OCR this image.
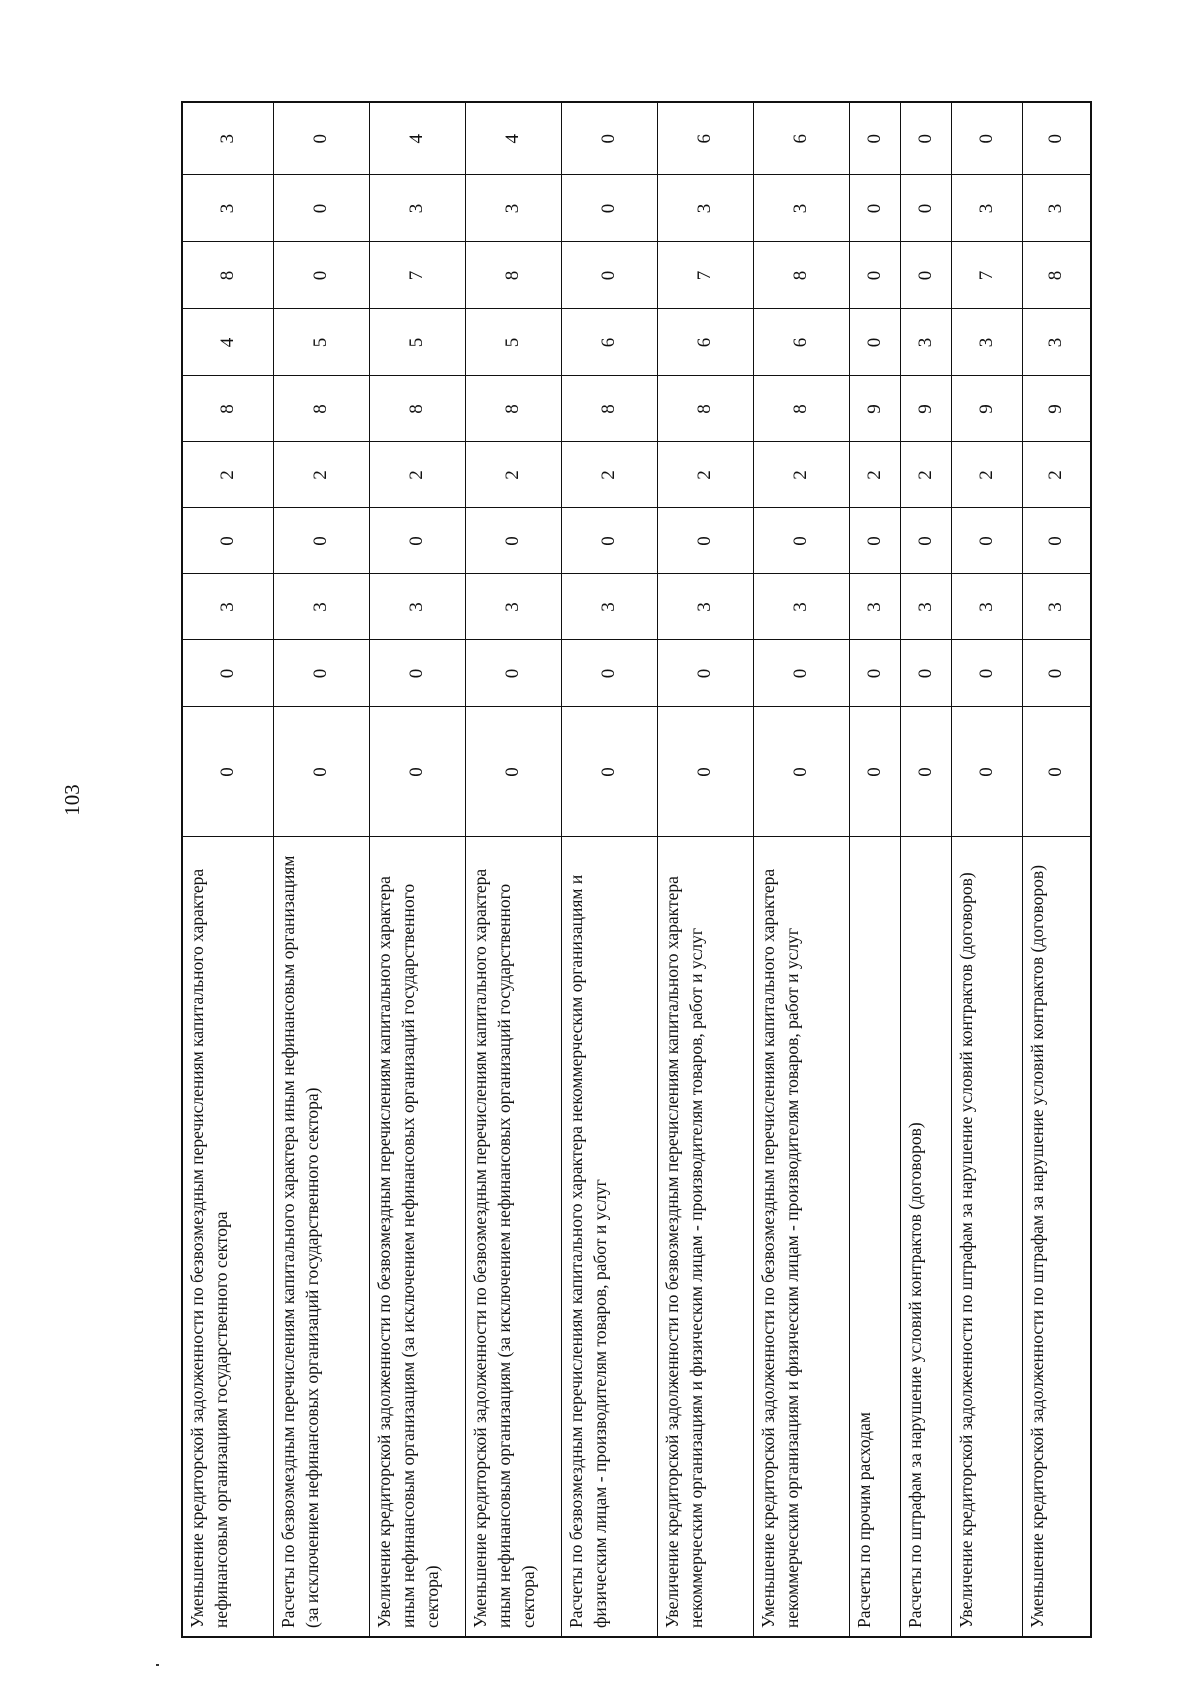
103
Уменьшение кредиторской задолженности по безвозмездным перечислениям капитального характера нефинансовым организациям государственного сектора	0	0	3	0	2	8	4	8	3	3
Расчеты по безвозмездным перечислениям капитального характера иным нефинансовым организациям (за исключением нефинансовых организаций государственного сектора)	0	0	3	0	2	8	5	0	0	0
Увеличение кредиторской задолженности по безвозмездным перечислениям капитального характера иным нефинансовым организациям (за исключением нефинансовых организаций государственного сектора)	0	0	3	0	2	8	5	7	3	4
Уменьшение кредиторской задолженности по безвозмездным перечислениям капитального характера иным нефинансовым организациям (за исключением нефинансовых организаций государственного сектора)	0	0	3	0	2	8	5	8	3	4
Расчеты по безвозмездным перечислениям капитального характера некоммерческим организациям и физическим лицам - производителям товаров, работ и услуг	0	0	3	0	2	8	6	0	0	0
Увеличение кредиторской задолженности по безвозмездным перечислениям капитального характера некоммерческим организациям и физическим лицам - производителям товаров, работ и услуг	0	0	3	0	2	8	6	7	3	6
Уменьшение кредиторской задолженности по безвозмездным перечислениям капитального характера некоммерческим организациям и физическим лицам - производителям товаров, работ и услуг	0	0	3	0	2	8	6	8	3	6
Расчеты по прочим расходам	0	0	3	0	2	9	0	0	0	0
Расчеты по штрафам за нарушение условий контрактов (договоров)	0	0	3	0	2	9	3	0	0	0
Увеличение кредиторской задолженности по штрафам за нарушение условий контрактов (договоров)	0	0	3	0	2	9	3	7	3	0
Уменьшение кредиторской задолженности по штрафам за нарушение условий контрактов (договоров)	0	0	3	0	2	9	3	8	3	0
